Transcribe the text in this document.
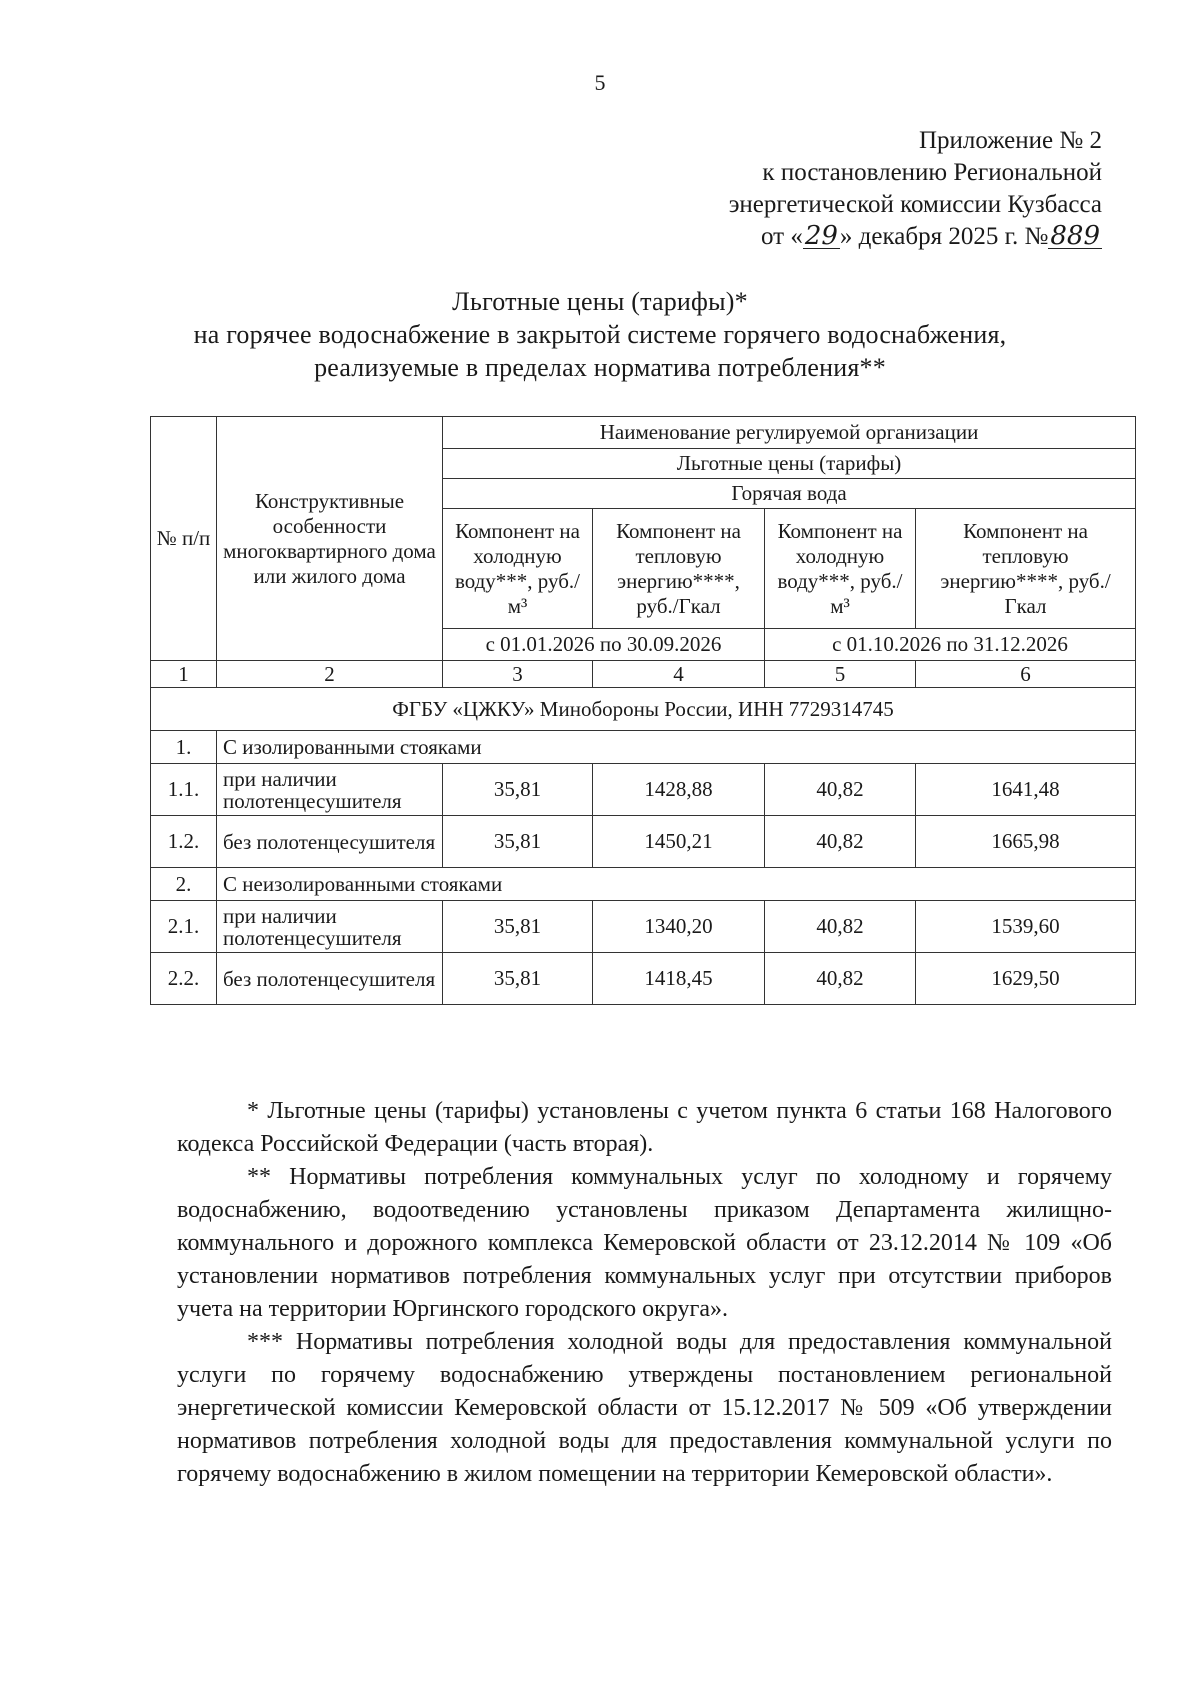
5
Приложение № 2
к постановлению Региональной
энергетической комиссии Кузбасса
от «29» декабря 2025 г. №889
Льготные цены (тарифы)*
на горячее водоснабжение в закрытой системе горячего водоснабжения,
реализуемые в пределах норматива потребления**
№ п/п	Конструктивные особенности многоквартирного дома или жилого дома	Наименование регулируемой организации			
		Льготные цены (тарифы)			
		Горячая вода			
		Компонент на холодную воду***, руб./м³	Компонент на тепловую энергию****, руб./Гкал	Компонент на холодную воду***, руб./м³	Компонент на тепловую энергию****, руб./Гкал
		с 01.01.2026 по 30.09.2026		с 01.10.2026 по 31.12.2026	
1	2	3	4	5	6
ФГБУ «ЦЖКУ» Минобороны России, ИНН 7729314745					
1.	С изолированными стояками				
1.1.	при наличии полотенцесушителя	35,81	1428,88	40,82	1641,48
1.2.	без полотенцесушителя	35,81	1450,21	40,82	1665,98
2.	С неизолированными стояками				
2.1.	при наличии полотенцесушителя	35,81	1340,20	40,82	1539,60
2.2.	без полотенцесушителя	35,81	1418,45	40,82	1629,50

* Льготные цены (тарифы) установлены с учетом пункта 6 статьи 168 Налогового кодекса Российской Федерации (часть вторая).

** Нормативы потребления коммунальных услуг по холодному и горячему водоснабжению, водоотведению установлены приказом Департамента жилищно-коммунального и дорожного комплекса Кемеровской области от 23.12.2014 № 109 «Об установлении нормативов потребления коммунальных услуг при отсутствии приборов учета на территории Юргинского городского округа».

*** Нормативы потребления холодной воды для предоставления коммунальной услуги по горячему водоснабжению утверждены постановлением региональной энергетической комиссии Кемеровской области от 15.12.2017 № 509 «Об утверждении нормативов потребления холодной воды для предоставления коммунальной услуги по горячему водоснабжению в жилом помещении на территории Кемеровской области».
